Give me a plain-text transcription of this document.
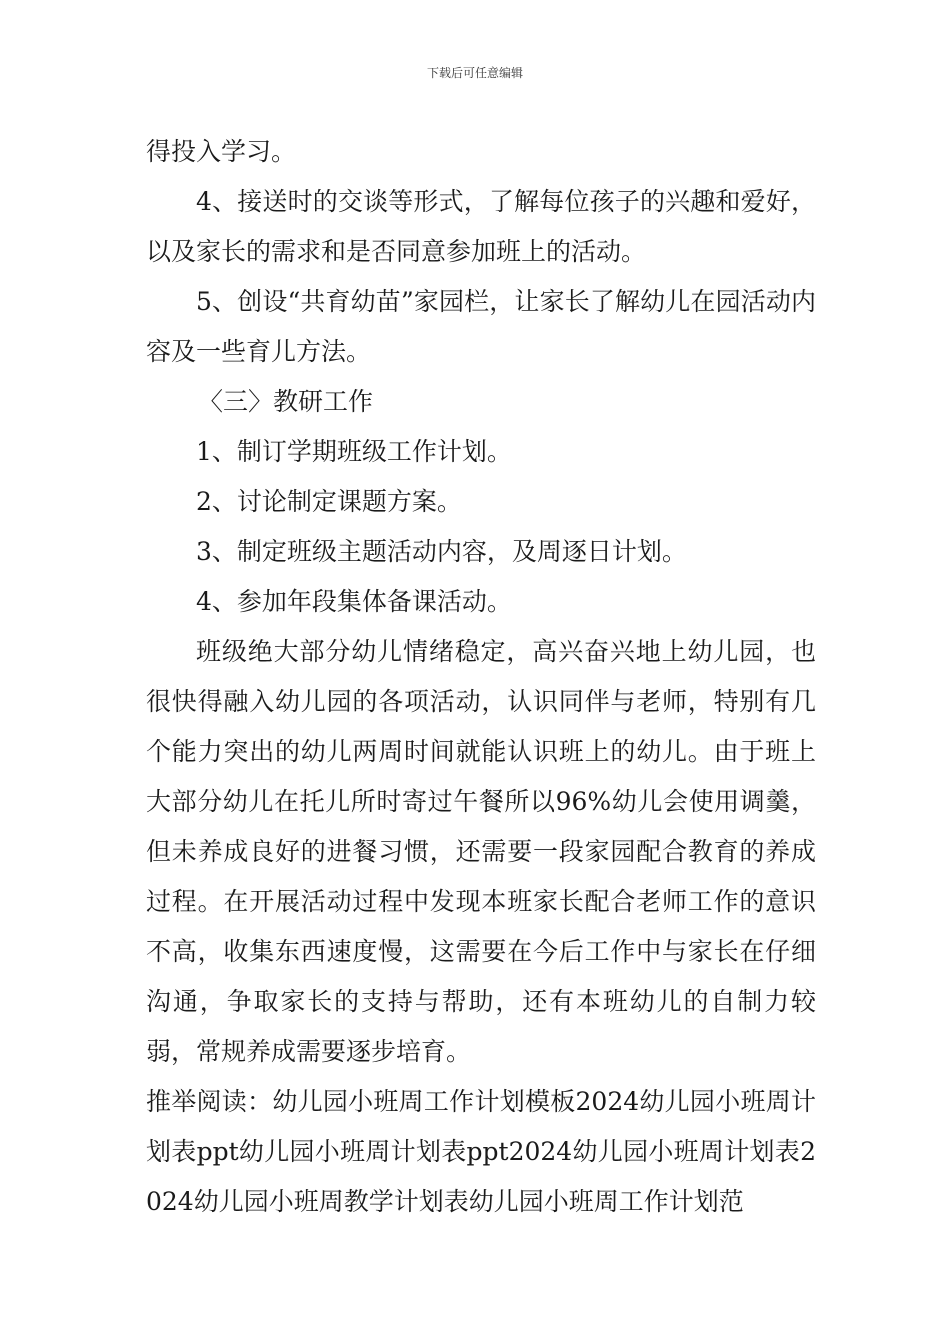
下载后可任意编辑

得投入学习。

4、接送时的交谈等形式，了解每位孩子的兴趣和爱好，以及家长的需求和是否同意参加班上的活动。

5、创设“共育幼苗”家园栏，让家长了解幼儿在园活动内容及一些育儿方法。

〈三〉教研工作

1、制订学期班级工作计划。

2、讨论制定课题方案。

3、制定班级主题活动内容，及周逐日计划。

4、参加年段集体备课活动。

班级绝大部分幼儿情绪稳定，高兴奋兴地上幼儿园，也很快得融入幼儿园的各项活动，认识同伴与老师，特别有几个能力突出的幼儿两周时间就能认识班上的幼儿。由于班上大部分幼儿在托儿所时寄过午餐所以96%幼儿会使用调羹，但未养成良好的进餐习惯，还需要一段家园配合教育的养成过程。在开展活动过程中发现本班家长配合老师工作的意识不高，收集东西速度慢，这需要在今后工作中与家长在仔细沟通，争取家长的支持与帮助，还有本班幼儿的自制力较弱，常规养成需要逐步培育。

推举阅读：幼儿园小班周工作计划模板2024幼儿园小班周计划表ppt幼儿园小班周计划表ppt2024幼儿园小班周计划表2024幼儿园小班周教学计划表幼儿园小班周工作计划范
